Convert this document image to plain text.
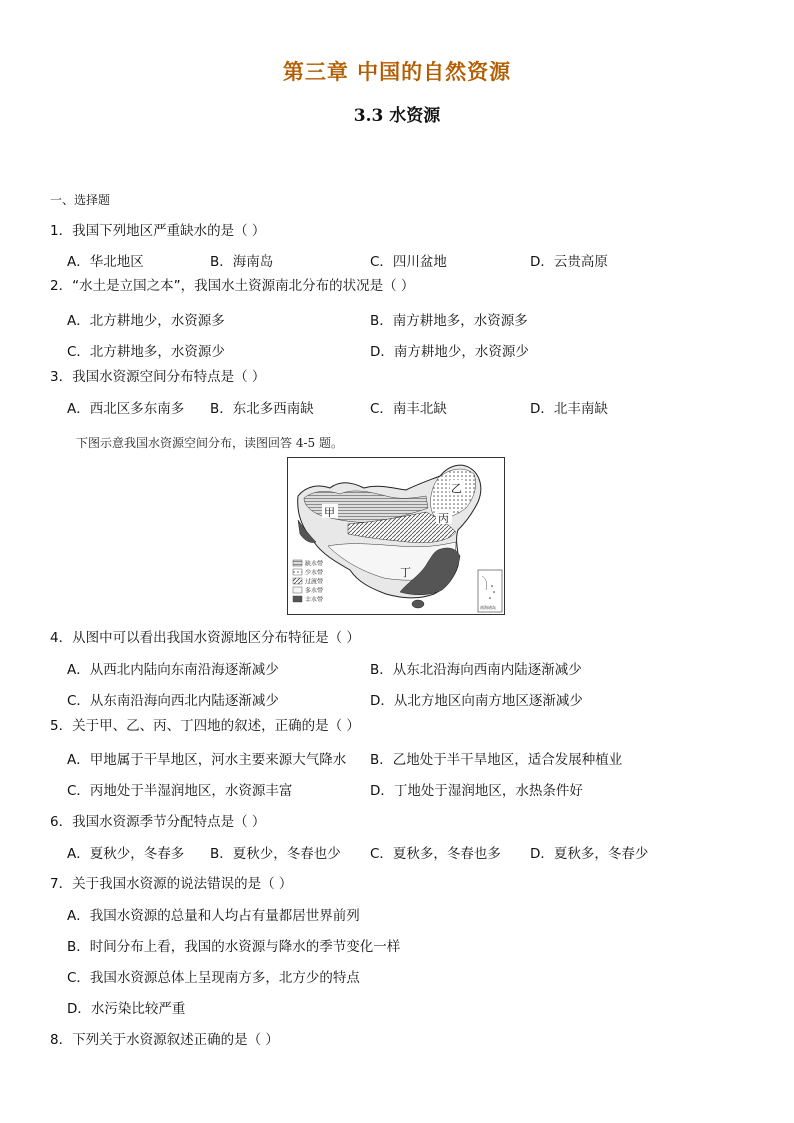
第三章 中国的自然资源
3.3 水资源
一、选择题
1．我国下列地区严重缺水的是（ ）
A．华北地区	B．海南岛	C．四川盆地	D．云贵高原
2．“水土是立国之本”，我国水土资源南北分布的状况是（ ）
A．北方耕地少，水资源多	B．南方耕地多，水资源多
C．北方耕地多，水资源少	D．南方耕地少，水资源少
3．我国水资源空间分布特点是（ ）
A．西北区多东南多 B．东北多西南缺	C．南丰北缺	D．北丰南缺
下图示意我国水资源空间分布，读图回答 4-5 题。
甲
乙
丙
丁
缺水带
少水带
过渡带
多水带
丰水带
南海诸岛
4．从图中可以看出我国水资源地区分布特征是（ ）
A．从西北内陆向东南沿海逐渐减少	B．从东北沿海向西南内陆逐渐减少
C．从东南沿海向西北内陆逐渐减少	D．从北方地区向南方地区逐渐减少
5．关于甲、乙、丙、丁四地的叙述，正确的是（ ）
A．甲地属于干旱地区，河水主要来源大气降水 B．乙地处于半干旱地区，适合发展种植业
C．丙地处于半湿润地区，水资源丰富	D．丁地处于湿润地区，水热条件好
6．我国水资源季节分配特点是（ ）
A．夏秋少，冬春多 B．夏秋少，冬春也少 C．夏秋多，冬春也多 D．夏秋多，冬春少
7．关于我国水资源的说法错误的是（ ）
A．我国水资源的总量和人均占有量都居世界前列
B．时间分布上看，我国的水资源与降水的季节变化一样
C．我国水资源总体上呈现南方多，北方少的特点
D．水污染比较严重
8．下列关于水资源叙述正确的是（ ）
